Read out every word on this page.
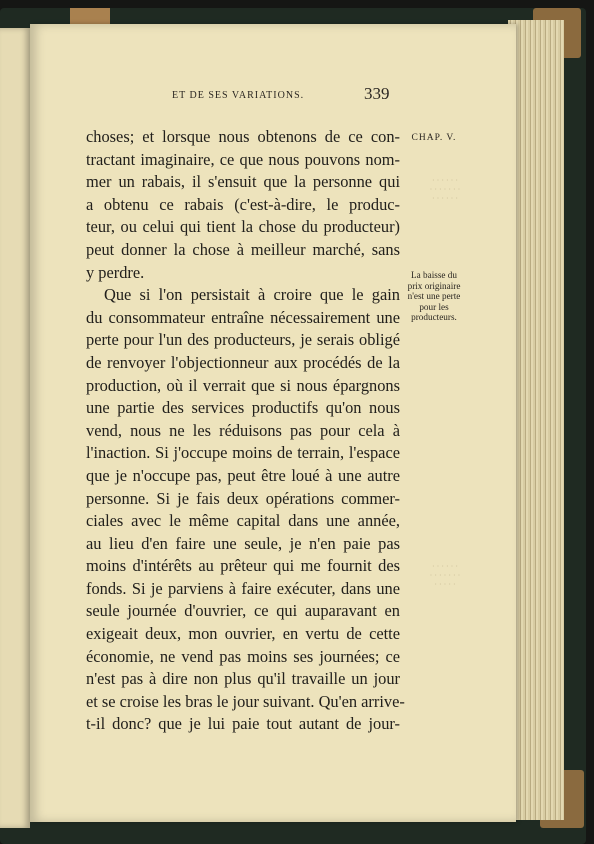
· · · · · ·
· · · · · · ·
· · · · · ·
· · · · · ·
· · · · · · ·
· · · · ·
ET DE SES VARIATIONS.	339
CHAP. V.
La baisse du
prix originaire
n'est une perte
pour les
producteurs.
choses; et lorsque nous obtenons de ce con-
tractant imaginaire, ce que nous pouvons nom-
mer un rabais, il s'ensuit que la personne qui
a obtenu ce rabais (c'est-à-dire, le produc-
teur, ou celui qui tient la chose du producteur)
peut donner la chose à meilleur marché, sans
y perdre.
Que si l'on persistait à croire que le gain
du consommateur entraîne nécessairement une
perte pour l'un des producteurs, je serais obligé
de renvoyer l'objectionneur aux procédés de la
production, où il verrait que si nous épargnons
une partie des services productifs qu'on nous
vend, nous ne les réduisons pas pour cela à
l'inaction. Si j'occupe moins de terrain, l'espace
que je n'occupe pas, peut être loué à une autre
personne. Si je fais deux opérations commer-
ciales avec le même capital dans une année,
au lieu d'en faire une seule, je n'en paie pas
moins d'intérêts au prêteur qui me fournit des
fonds. Si je parviens à faire exécuter, dans une
seule journée d'ouvrier, ce qui auparavant en
exigeait deux, mon ouvrier, en vertu de cette
économie, ne vend pas moins ses journées; ce
n'est pas à dire non plus qu'il travaille un jour
et se croise les bras le jour suivant. Qu'en arrive-
t-il donc? que je lui paie tout autant de jour-
